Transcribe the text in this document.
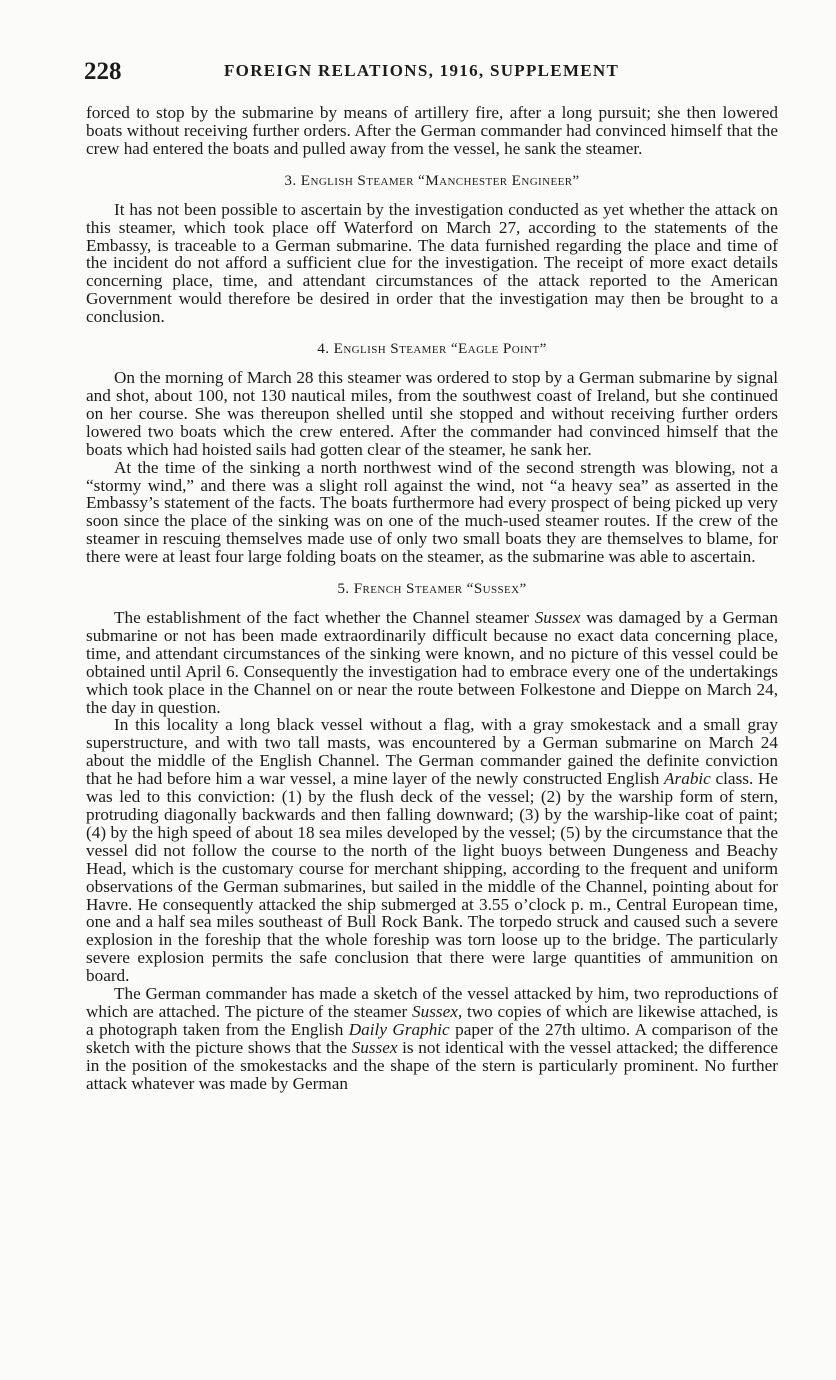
228	FOREIGN RELATIONS, 1916, SUPPLEMENT

forced to stop by the submarine by means of artillery fire, after a long pursuit; she then lowered boats without receiving further orders. After the German commander had convinced himself that the crew had entered the boats and pulled away from the vessel, he sank the steamer.

3. English Steamer “Manchester Engineer”

It has not been possible to ascertain by the investigation conducted as yet whether the attack on this steamer, which took place off Waterford on March 27, according to the statements of the Embassy, is traceable to a German submarine. The data furnished regarding the place and time of the incident do not afford a sufficient clue for the investigation. The receipt of more exact details concerning place, time, and attendant circumstances of the attack reported to the American Government would therefore be desired in order that the investigation may then be brought to a conclusion.

4. English Steamer “Eagle Point”

On the morning of March 28 this steamer was ordered to stop by a German submarine by signal and shot, about 100, not 130 nautical miles, from the southwest coast of Ireland, but she continued on her course. She was thereupon shelled until she stopped and without receiving further orders lowered two boats which the crew entered. After the commander had convinced himself that the boats which had hoisted sails had gotten clear of the steamer, he sank her.

At the time of the sinking a north northwest wind of the second strength was blowing, not a “stormy wind,” and there was a slight roll against the wind, not “a heavy sea” as asserted in the Embassy’s statement of the facts. The boats furthermore had every prospect of being picked up very soon since the place of the sinking was on one of the much-used steamer routes. If the crew of the steamer in rescuing themselves made use of only two small boats they are themselves to blame, for there were at least four large folding boats on the steamer, as the submarine was able to ascertain.

5. French Steamer “Sussex”

The establishment of the fact whether the Channel steamer Sussex was damaged by a German submarine or not has been made extraordinarily difficult because no exact data concerning place, time, and attendant circumstances of the sinking were known, and no picture of this vessel could be obtained until April 6. Consequently the investigation had to embrace every one of the undertakings which took place in the Channel on or near the route between Folkestone and Dieppe on March 24, the day in question.

In this locality a long black vessel without a flag, with a gray smokestack and a small gray superstructure, and with two tall masts, was encountered by a German submarine on March 24 about the middle of the English Channel. The German commander gained the definite conviction that he had before him a war vessel, a mine layer of the newly constructed English Arabic class. He was led to this conviction: (1) by the flush deck of the vessel; (2) by the warship form of stern, protruding diagonally backwards and then falling downward; (3) by the warship-like coat of paint; (4) by the high speed of about 18 sea miles developed by the vessel; (5) by the circumstance that the vessel did not follow the course to the north of the light buoys between Dungeness and Beachy Head, which is the customary course for merchant shipping, according to the frequent and uniform observations of the German submarines, but sailed in the middle of the Channel, pointing about for Havre. He consequently attacked the ship submerged at 3.55 o’clock p. m., Central European time, one and a half sea miles southeast of Bull Rock Bank. The torpedo struck and caused such a severe explosion in the foreship that the whole foreship was torn loose up to the bridge. The particularly severe explosion permits the safe conclusion that there were large quantities of ammunition on board.

The German commander has made a sketch of the vessel attacked by him, two reproductions of which are attached. The picture of the steamer Sussex, two copies of which are likewise attached, is a photograph taken from the English Daily Graphic paper of the 27th ultimo. A comparison of the sketch with the picture shows that the Sussex is not identical with the vessel attacked; the difference in the position of the smokestacks and the shape of the stern is particularly prominent. No further attack whatever was made by German
